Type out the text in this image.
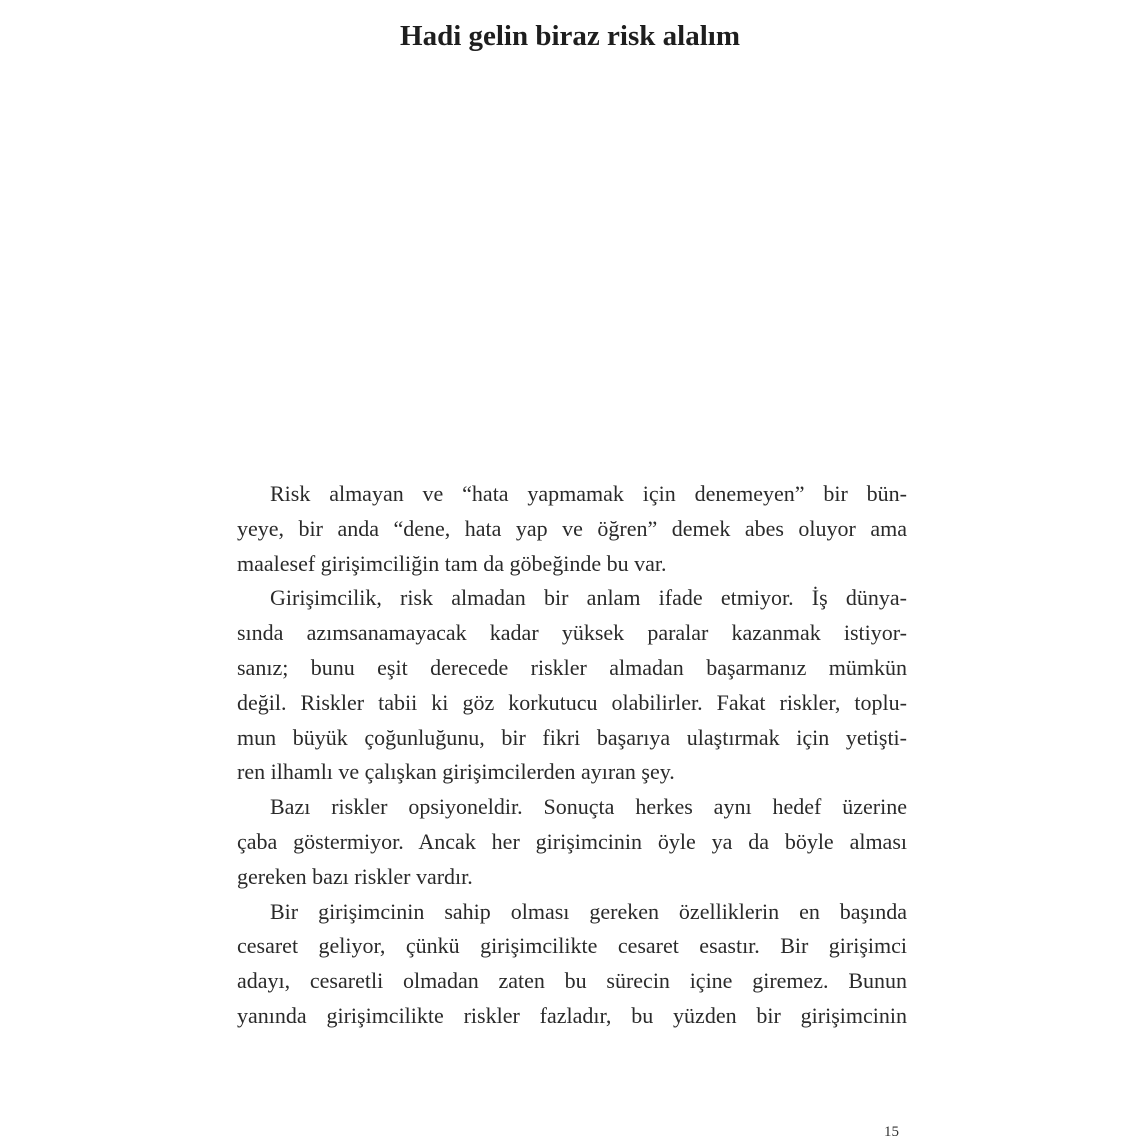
Hadi gelin biraz risk alalım
Risk almayan ve “hata yapmamak için denemeyen” bir bün-
yeye, bir anda “dene, hata yap ve öğren” demek abes oluyor ama
maalesef girişimciliğin tam da göbeğinde bu var.
Girişimcilik, risk almadan bir anlam ifade etmiyor. İş dünya-
sında azımsanamayacak kadar yüksek paralar kazanmak istiyor-
sanız; bunu eşit derecede riskler almadan başarmanız mümkün
değil. Riskler tabii ki göz korkutucu olabilirler. Fakat riskler, toplu-
mun büyük çoğunluğunu, bir fikri başarıya ulaştırmak için yetişti-
ren ilhamlı ve çalışkan girişimcilerden ayıran şey.
Bazı riskler opsiyoneldir. Sonuçta herkes aynı hedef üzerine
çaba göstermiyor. Ancak her girişimcinin öyle ya da böyle alması
gereken bazı riskler vardır.
Bir girişimcinin sahip olması gereken özelliklerin en başında
cesaret geliyor, çünkü girişimcilikte cesaret esastır. Bir girişimci
adayı, cesaretli olmadan zaten bu sürecin içine giremez. Bunun
yanında girişimcilikte riskler fazladır, bu yüzden bir girişimcinin
15
